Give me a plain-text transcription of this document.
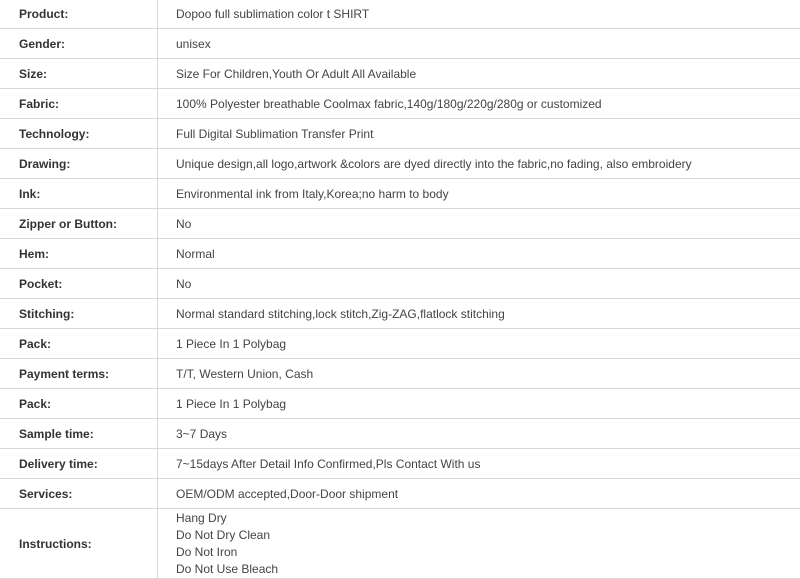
Product:	Dopoo full sublimation color t SHIRT
Gender:	unisex
Size:	Size For Children,Youth Or Adult All Available
Fabric:	100% Polyester breathable Coolmax fabric,140g/180g/220g/280g or customized
Technology:	Full Digital Sublimation Transfer Print
Drawing:	Unique design,all logo,artwork &colors are dyed directly into the fabric,no fading, also embroidery
Ink:	Environmental ink from Italy,Korea;no harm to body
Zipper or Button:	No
Hem:	Normal
Pocket:	No
Stitching:	Normal standard stitching,lock stitch,Zig-ZAG,flatlock stitching
Pack:	1 Piece In 1 Polybag
Payment terms:	T/T, Western Union, Cash
Pack:	1 Piece In 1 Polybag
Sample time:	3~7 Days
Delivery time:	7~15days After Detail Info Confirmed,Pls Contact With us
Services:	OEM/ODM accepted,Door-Door shipment
Instructions:	Hang Dry
Do Not Dry Clean
Do Not Iron
Do Not Use Bleach
